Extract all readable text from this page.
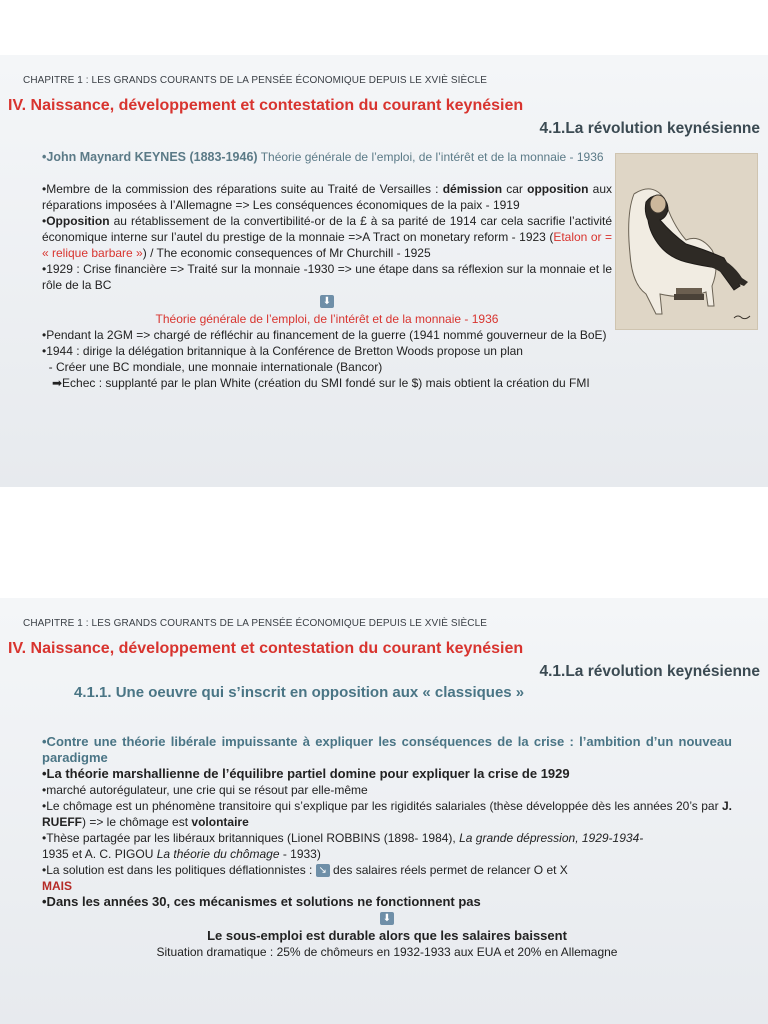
CHAPITRE 1 : LES GRANDS COURANTS DE LA PENSÉE ÉCONOMIQUE DEPUIS LE XVIÈ SIÈCLE
IV. Naissance, développement et contestation du courant keynésien
4.1.La révolution keynésienne

•John Maynard KEYNES (1883-1946) Théorie générale de l’emploi, de l’intérêt et de la monnaie - 1936

•Membre de la commission des réparations suite au Traité de Versailles : démission car opposition aux réparations imposées à l’Allemagne => Les conséquences économiques de la paix - 1919

•Opposition au rétablissement de la convertibilité-or de la £ à sa parité de 1914 car cela sacrifie l’activité économique interne sur l’autel du prestige de la monnaie =>A Tract on monetary reform - 1923 (Etalon or = « relique barbare ») / The economic consequences of Mr Churchill - 1925

•1929 : Crise financière => Traité sur la monnaie -1930 => une étape dans sa réflexion sur la monnaie et le rôle de la BC

⬇

Théorie générale de l’emploi, de l’intérêt et de la monnaie - 1936

•Pendant la 2GM => chargé de réfléchir au financement de la guerre (1941 nommé gouverneur de la BoE)

•1944 : dirige la délégation britannique à la Conférence de Bretton Woods propose un plan

- Créer une BC mondiale, une monnaie internationale (Bancor)

➡Echec : supplanté par le plan White (création du SMI fondé sur le $) mais obtient la création du FMI

CHAPITRE 1 : LES GRANDS COURANTS DE LA PENSÉE ÉCONOMIQUE DEPUIS LE XVIÈ SIÈCLE
IV. Naissance, développement et contestation du courant keynésien
4.1.La révolution keynésienne
4.1.1. Une oeuvre qui s’inscrit en opposition aux « classiques »

•Contre une théorie libérale impuissante à expliquer les conséquences de la crise : l’ambition d’un nouveau paradigme

•La théorie marshallienne de l’équilibre partiel domine pour expliquer la crise de 1929

•marché autorégulateur, une crie qui se résout par elle-même

•Le chômage est un phénomène transitoire qui s’explique par les rigidités salariales (thèse développée dès les années 20’s par J. RUEFF) => le chômage est volontaire

•Thèse partagée par les libéraux britanniques (Lionel ROBBINS (1898- 1984), La grande dépression, 1929-1934-
1935 et A. C. PIGOU La théorie du chômage - 1933)

•La solution est dans les politiques déflationnistes : ↘ des salaires réels permet de relancer O et X

MAIS

•Dans les années 30, ces mécanismes et solutions ne fonctionnent pas

⬇

Le sous-emploi est durable alors que les salaires baissent

Situation dramatique : 25% de chômeurs en 1932-1933 aux EUA et 20% en Allemagne
